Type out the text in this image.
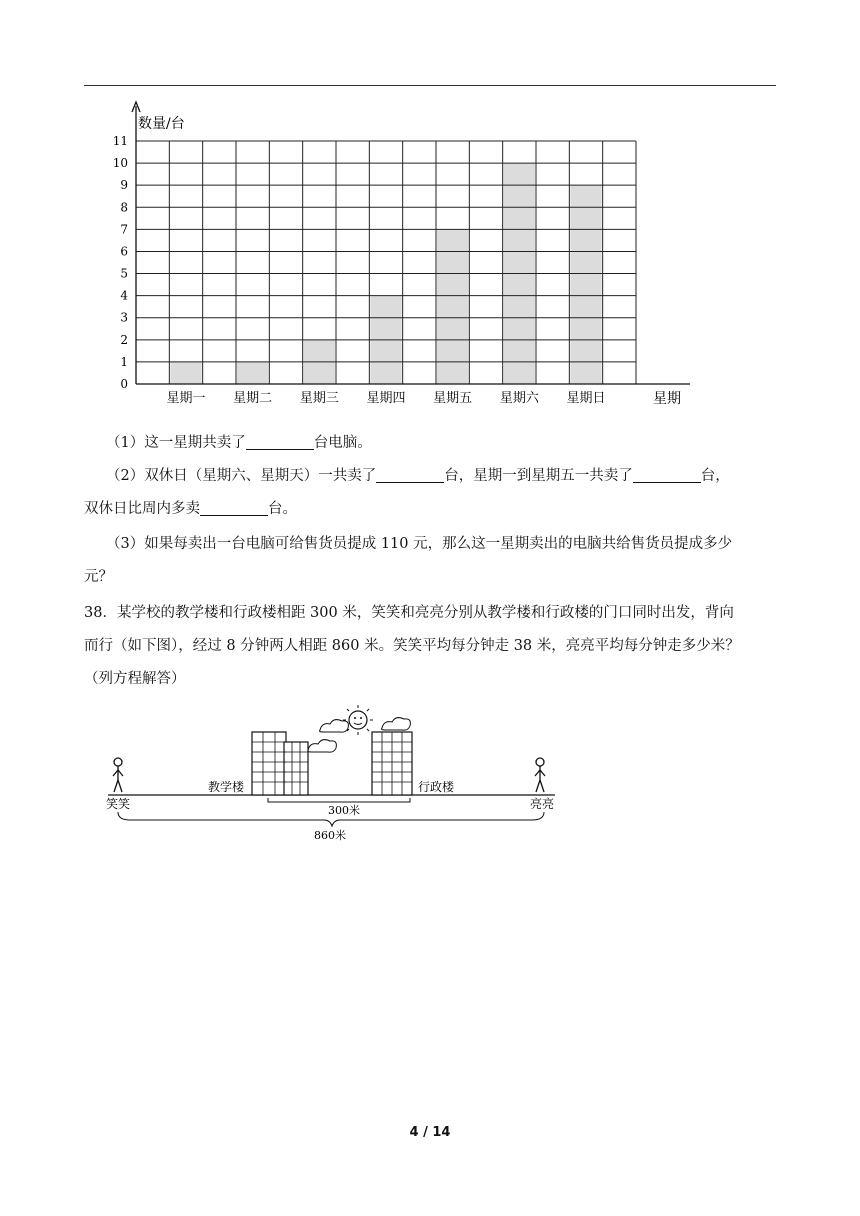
数量/台
星期
0
1
2
3
4
5
6
7
8
9
10
11
星期一 星期二 星期三 星期四 星期五 星期六 星期日

（1）这一星期共卖了	台电脑。

（2）双休日（星期六、星期天）一共卖了	台，星期一到星期五一共卖了	台，

双休日比周内多卖	台。

（3）如果每卖出一台电脑可给售货员提成 110 元，那么这一星期卖出的电脑共给售货员提成多少

元？

38．某学校的教学楼和行政楼相距 300 米，笑笑和亮亮分别从教学楼和行政楼的门口同时出发，背向

而行（如下图），经过 8 分钟两人相距 860 米。笑笑平均每分钟走 38 米，亮亮平均每分钟走多少米？

（列方程解答）

笑笑	亮亮
教学楼	行政楼
300米
860米
4 / 14
